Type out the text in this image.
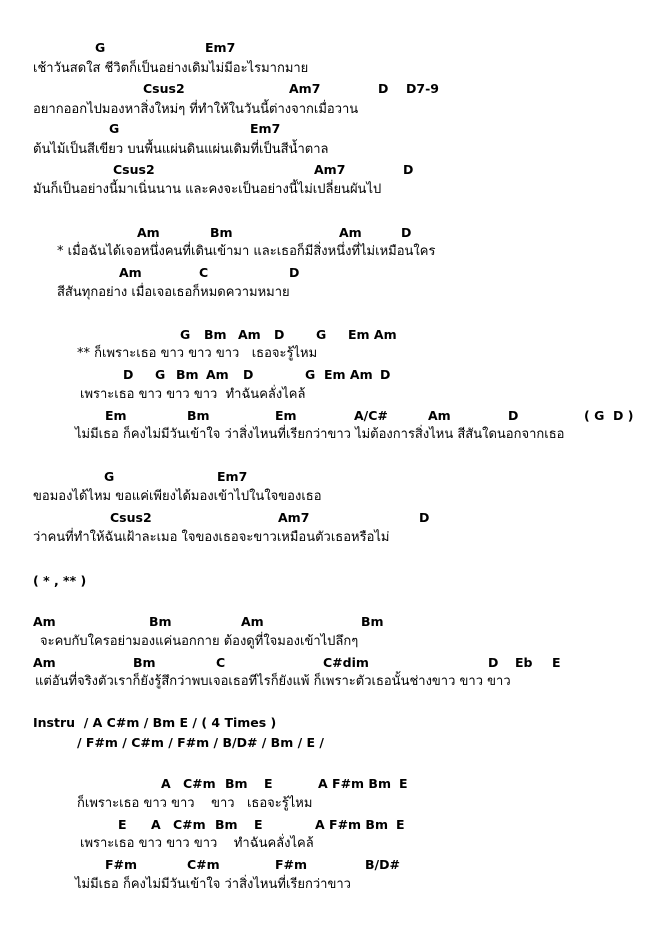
G	Em7
เช้าวันสดใส ชีวิตก็เป็นอย่างเดิมไม่มีอะไรมากมาย
Csus2	Am7	D D7-9
อยากออกไปมองหาสิ่งใหม่ๆ ที่ทำให้ในวันนี้ต่างจากเมื่อวาน
G	Em7
ต้นไม้เป็นสีเขียว บนพื้นแผ่นดินแผ่นเดิมที่เป็นสีน้ำตาล
Csus2	Am7	D
มันก็เป็นอย่างนี้มาเนิ่นนาน และคงจะเป็นอย่างนี้ไม่เปลี่ยนผันไป
Am	Bm	Am	D
* เมื่อฉันได้เจอหนึ่งคนที่เดินเข้ามา และเธอก็มีสิ่งหนึ่งที่ไม่เหมือนใคร
Am	C	D
สีสันทุกอย่าง เมื่อเจอเธอก็หมดความหมาย
G Bm Am D	G Em Am
** ก็เพราะเธอ ขาว ขาว ขาว   เธอจะรู้ไหม
D G Bm Am D	G Em Am D
เพราะเธอ ขาว ขาว ขาว  ทำฉันคลั่งไคล้
Em	Bm	Em	A/C#	Am	D	( G  D )
ไม่มีเธอ ก็คงไม่มีวันเข้าใจ ว่าสิ่งไหนที่เรียกว่าขาว ไม่ต้องการสิ่งไหน สีสันใดนอกจากเธอ
G	Em7
ขอมองได้ไหม ขอแค่เพียงได้มองเข้าไปในใจของเธอ
Csus2	Am7	D
ว่าคนที่ทำให้ฉันเฝ้าละเมอ ใจของเธอจะขาวเหมือนตัวเธอหรือไม่
( * , ** )
Am	Bm	Am	Bm
จะคบกับใครอย่ามองแค่นอกกาย ต้องดูที่ใจมองเข้าไปลึกๆ
Am	Bm	C	C#dim	D Eb E
แต่อันที่จริงตัวเราก็ยังรู้สึกว่าพบเจอเธอทีไรก็ยังแพ้ ก็เพราะตัวเธอนั้นช่างขาว ขาว ขาว
Instru  / A C#m / Bm E / ( 4 Times )
/ F#m / C#m / F#m / B/D# / Bm / E /
A C#m Bm E	A F#m Bm E
ก็เพราะเธอ ขาว ขาว    ขาว   เธอจะรู้ไหม
E A C#m Bm E	A F#m Bm E
เพราะเธอ ขาว ขาว ขาว    ทำฉันคลั่งไคล้
F#m	C#m	F#m	B/D#
ไม่มีเธอ ก็คงไม่มีวันเข้าใจ ว่าสิ่งไหนที่เรียกว่าขาว
